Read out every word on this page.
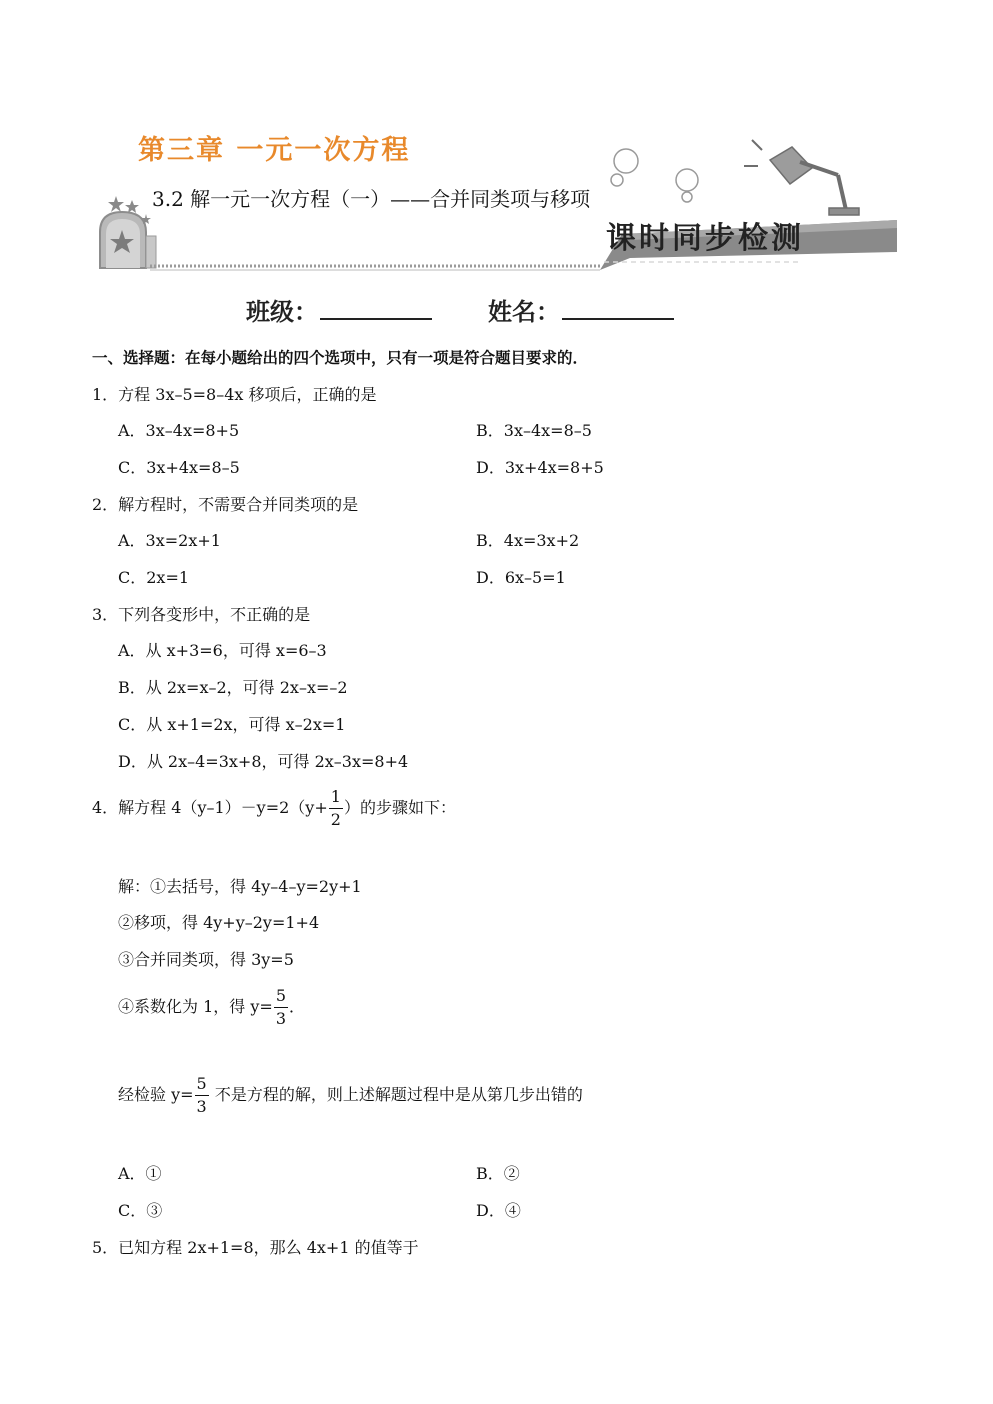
第三章 一元一次方程
3.2 解一元一次方程（一）——合并同类项与移项
课时同步检测
班级：	姓名：
一、选择题：在每小题给出的四个选项中，只有一项是符合题目要求的．
1．方程 3x–5=8–4x 移项后，正确的是
A．3x–4x=8+5	B．3x–4x=8–5
C．3x+4x=8–5	D．3x+4x=8+5
2．解方程时，不需要合并同类项的是
A．3x=2x+1	B．4x=3x+2
C．2x=1	D．6x–5=1
3．下列各变形中，不正确的是
A．从 x+3=6，可得 x=6–3
B．从 2x=x–2，可得 2x–x=–2
C．从 x+1=2x，可得 x–2x=1
D．从 2x–4=3x+8，可得 2x–3x=8+4
4．解方程 $4(y-1)-y=2(y+ \frac{1}{2}$ ）的步骤如下：
解：①去括号，得 4y–4–y=2y+1
②移项，得 4y+y–2y=1+4
③合并同类项，得 3y=5
④系数化为 1，得 $y= \frac{5}{3}$ ．
经检验 $y= \frac{5}{3}$ 不是方程的解，则上述解题过程中是从第几步出错的
A．①	B．②
C．③	D．④
5．已知方程 2x+1=8，那么 4x+1 的值等于
